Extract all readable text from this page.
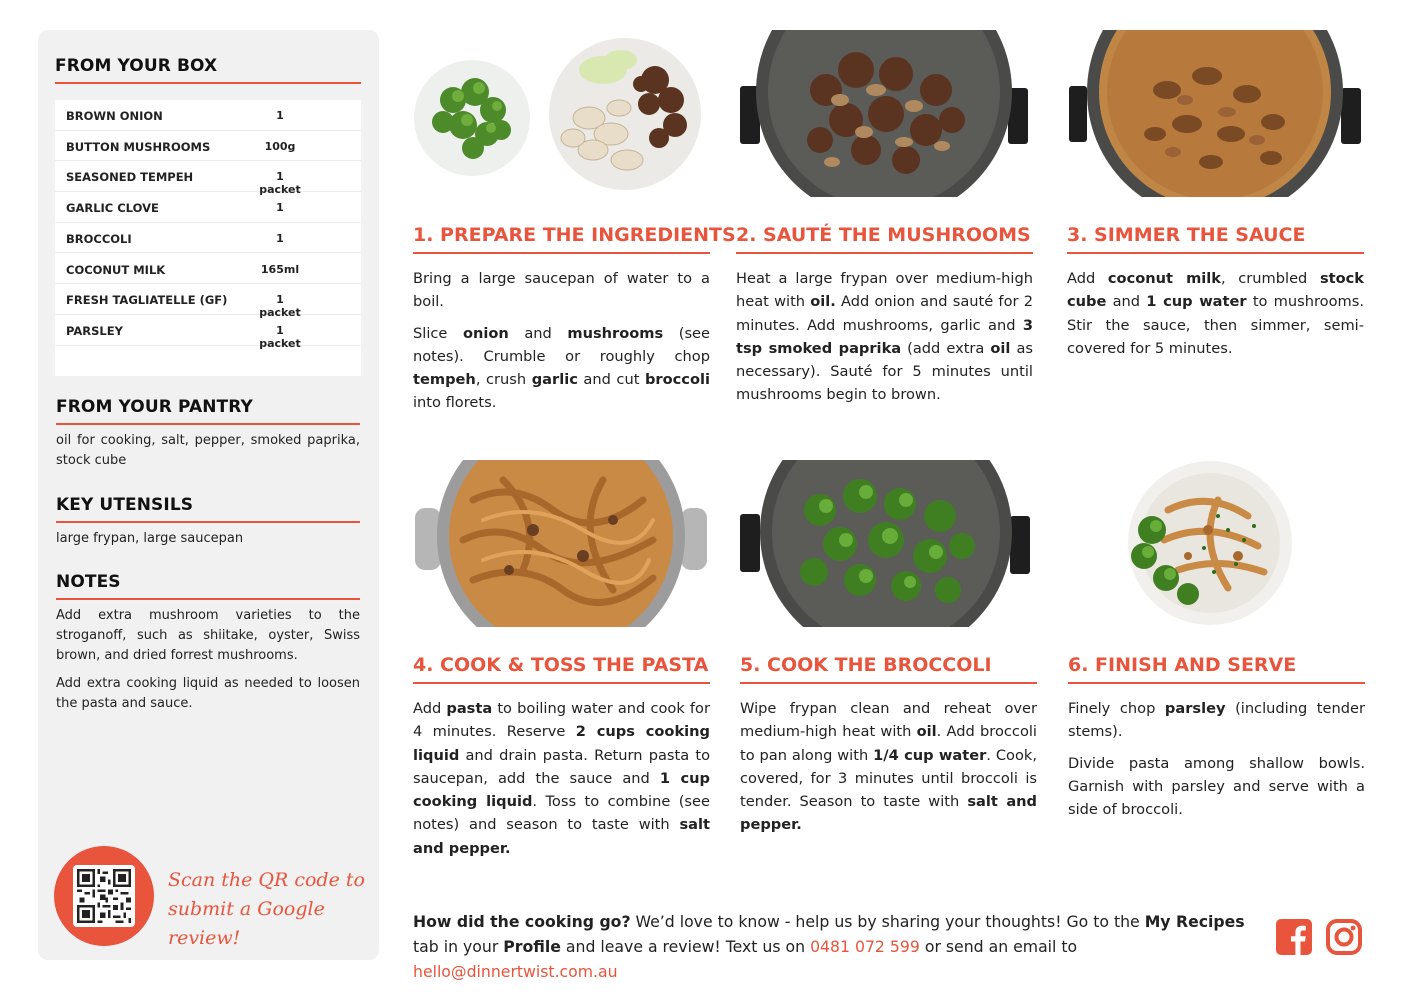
FROM YOUR BOX
BROWN ONION	1
BUTTON MUSHROOMS	100g
SEASONED TEMPEH	1 packet
GARLIC CLOVE	1
BROCCOLI	1
COCONUT MILK	165ml
FRESH TAGLIATELLE (GF)	1 packet
PARSLEY	1 packet
FROM YOUR PANTRY
oil for cooking, salt, pepper, smoked paprika, stock cube
KEY UTENSILS
large frypan, large saucepan
NOTES
Add extra mushroom varieties to the stroganoff, such as shiitake, oyster, Swiss brown, and dried forrest mushrooms.
Add extra cooking liquid as needed to loosen the pasta and sauce.
Scan the QR code to
submit a Google review!
1. PREPARE THE INGREDIENTS

Bring a large saucepan of water to a boil.

Slice onion and mushrooms (see notes). Crumble or roughly chop tempeh, crush garlic and cut broccoli into florets.

2. SAUTÉ THE MUSHROOMS

Heat a large frypan over medium-high heat with oil. Add onion and sauté for 2 minutes. Add mushrooms, garlic and 3 tsp smoked paprika (add extra oil as necessary). Sauté for 5 minutes until mushrooms begin to brown.

3. SIMMER THE SAUCE

Add coconut milk, crumbled stock cube and 1 cup water to mushrooms. Stir the sauce, then simmer, semi-covered for 5 minutes.

4. COOK & TOSS THE PASTA

Add pasta to boiling water and cook for 4 minutes. Reserve 2 cups cooking liquid and drain pasta. Return pasta to saucepan, add the sauce and 1 cup cooking liquid. Toss to combine (see notes) and season to taste with salt and pepper.

5. COOK THE BROCCOLI

Wipe frypan clean and reheat over medium-high heat with oil. Add broccoli to pan along with 1/4 cup water. Cook, covered, for 3 minutes until broccoli is tender. Season to taste with salt and pepper.

6. FINISH AND SERVE

Finely chop parsley (including tender stems).

Divide pasta among shallow bowls. Garnish with parsley and serve with a side of broccoli.

How did the cooking go? We’d love to know - help us by sharing your thoughts! Go to the My Recipes tab in your Profile and leave a review! Text us on 0481 072 599 or send an email to hello@dinnertwist.com.au
